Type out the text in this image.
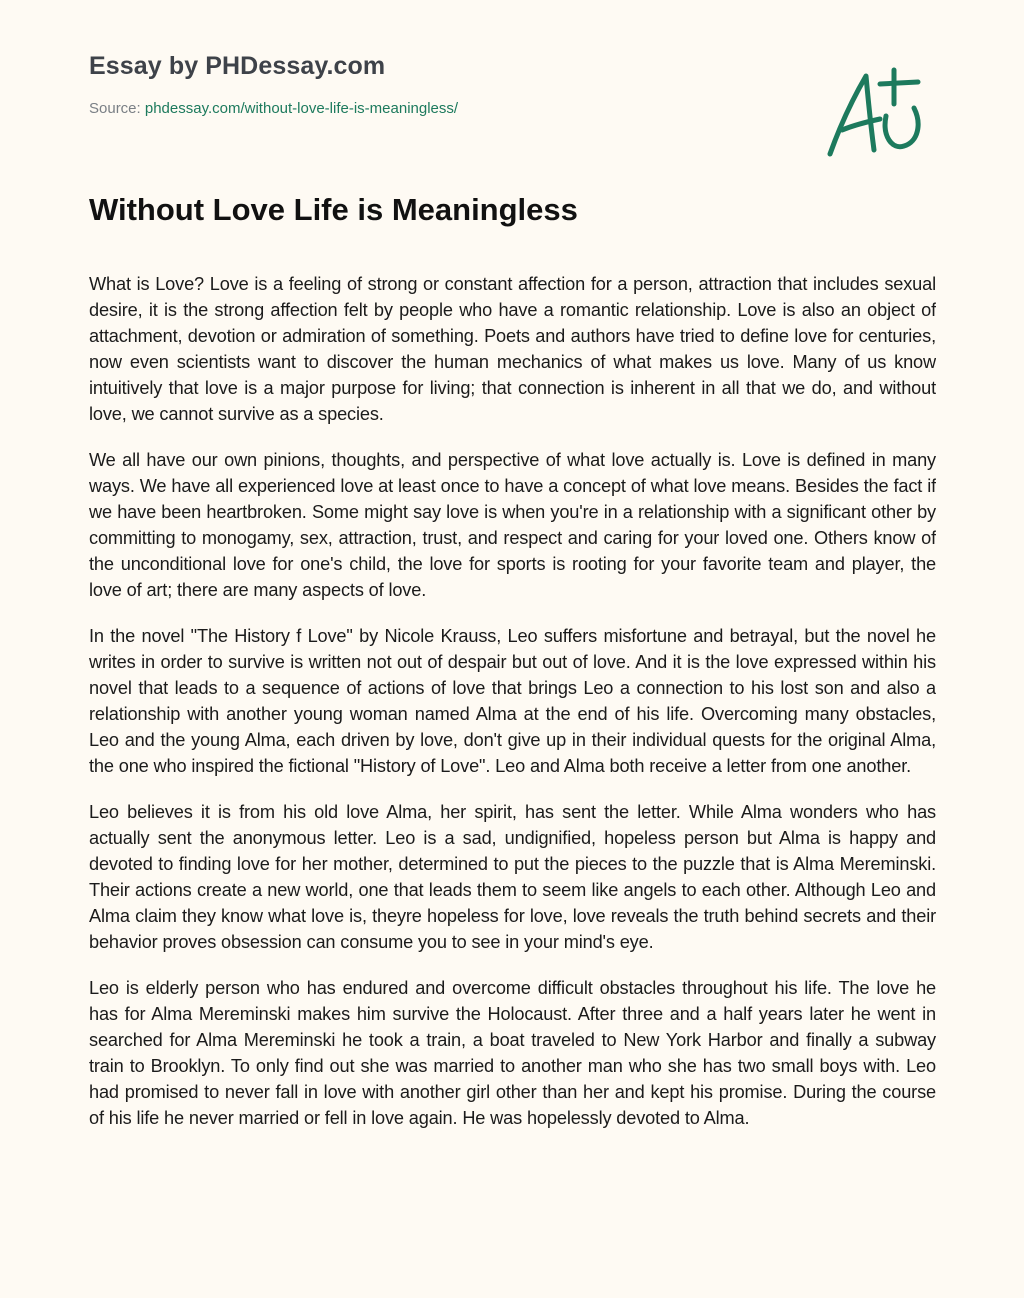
Essay by PHDessay.com
Source: phdessay.com/without-love-life-is-meaningless/
Without Love Life is Meaningless

What is Love? Love is a feeling of strong or constant affection for a person, attraction that includes sexual desire, it is the strong affection felt by people who have a romantic relationship. Love is also an object of attachment, devotion or admiration of something. Poets and authors have tried to define love for centuries, now even scientists want to discover the human mechanics of what makes us love. Many of us know intuitively that love is a major purpose for living; that connection is inherent in all that we do, and without love, we cannot survive as a species.

We all have our own pinions, thoughts, and perspective of what love actually is. Love is defined in many ways. We have all experienced love at least once to have a concept of what love means. Besides the fact if we have been heartbroken. Some might say love is when you're in a relationship with a significant other by committing to monogamy, sex, attraction, trust, and respect and caring for your loved one. Others know of the unconditional love for one's child, the love for sports is rooting for your favorite team and player, the love of art; there are many aspects of love.

In the novel "The History f Love" by Nicole Krauss, Leo suffers misfortune and betrayal, but the novel he writes in order to survive is written not out of despair but out of love. And it is the love expressed within his novel that leads to a sequence of actions of love that brings Leo a connection to his lost son and also a relationship with another young woman named Alma at the end of his life. Overcoming many obstacles, Leo and the young Alma, each driven by love, don't give up in their individual quests for the original Alma, the one who inspired the fictional "History of Love". Leo and Alma both receive a letter from one another.

Leo believes it is from his old love Alma, her spirit, has sent the letter. While Alma wonders who has actually sent the anonymous letter. Leo is a sad, undignified, hopeless person but Alma is happy and devoted to finding love for her mother, determined to put the pieces to the puzzle that is Alma Mereminski. Their actions create a new world, one that leads them to seem like angels to each other. Although Leo and Alma claim they know what love is, theyre hopeless for love, love reveals the truth behind secrets and their behavior proves obsession can consume you to see in your mind's eye.

Leo is elderly person who has endured and overcome difficult obstacles throughout his life. The love he has for Alma Mereminski makes him survive the Holocaust. After three and a half years later he went in searched for Alma Mereminski he took a train, a boat traveled to New York Harbor and finally a subway train to Brooklyn. To only find out she was married to another man who she has two small boys with. Leo had promised to never fall in love with another girl other than her and kept his promise. During the course of his life he never married or fell in love again. He was hopelessly devoted to Alma.
